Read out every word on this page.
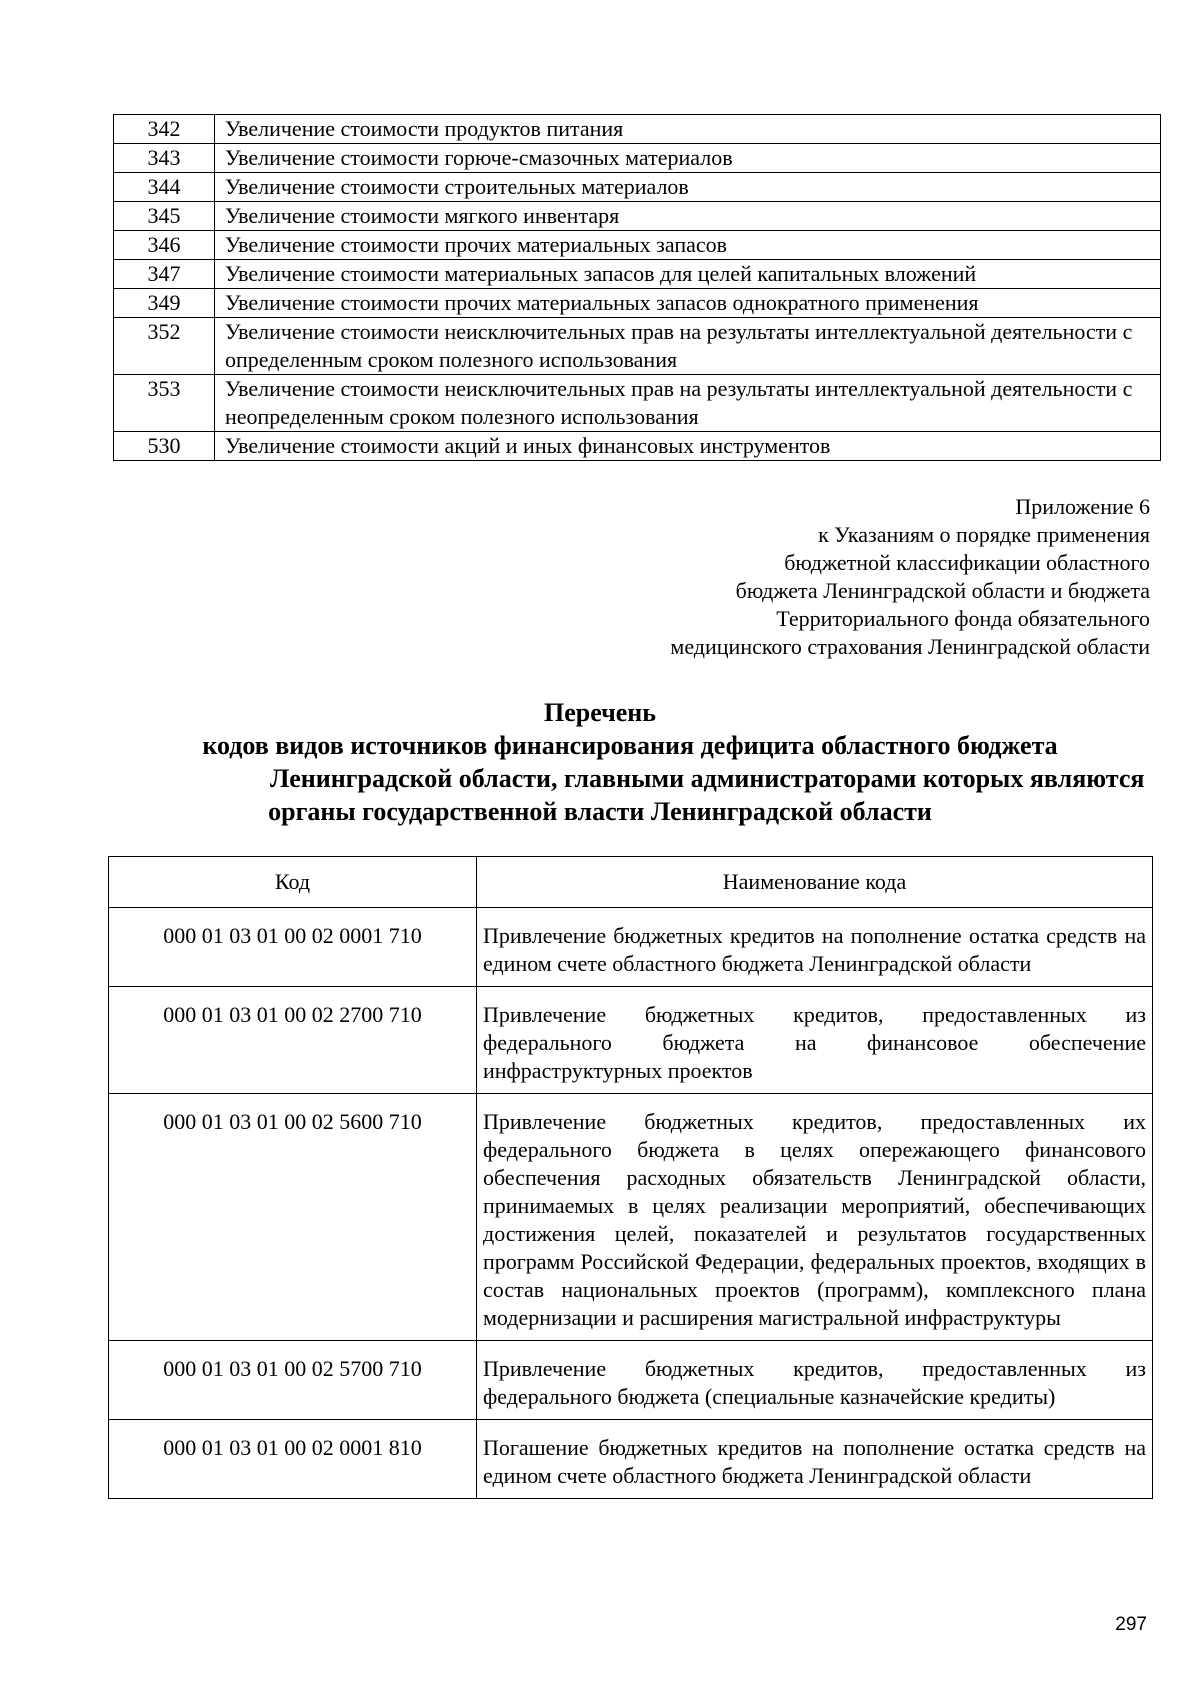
342	Увеличение стоимости продуктов питания
343	Увеличение стоимости горюче-смазочных материалов
344	Увеличение стоимости строительных материалов
345	Увеличение стоимости мягкого инвентаря
346	Увеличение стоимости прочих материальных запасов
347	Увеличение стоимости материальных запасов для целей капитальных вложений
349	Увеличение стоимости прочих материальных запасов однократного применения
352	Увеличение стоимости неисключительных прав на результаты интеллектуальной деятельности с определенным сроком полезного использования
353	Увеличение стоимости неисключительных прав на результаты интеллектуальной деятельности с неопределенным сроком полезного использования
530	Увеличение стоимости акций и иных финансовых инструментов
Приложение 6
к Указаниям о порядке применения
бюджетной классификации областного
бюджета Ленинградской области и бюджета
Территориального фонда обязательного
медицинского страхования Ленинградской области
Перечень
кодов видов источников финансирования дефицита областного бюджета
Ленинградской области, главными администраторами которых являются
органы государственной власти Ленинградской области
Код	Наименование кода
000 01 03 01 00 02 0001 710	Привлечение бюджетных кредитов на пополнение остатка средств на едином счете областного бюджета Ленинградской области
000 01 03 01 00 02 2700 710	Привлечение бюджетных кредитов, предоставленных из федерального бюджета на финансовое обеспечение инфраструктурных проектов
000 01 03 01 00 02 5600 710	Привлечение бюджетных кредитов, предоставленных их федерального бюджета в целях опережающего финансового обеспечения расходных обязательств Ленинградской области, принимаемых в целях реализации мероприятий, обеспечивающих достижения целей, показателей и результатов государственных программ Российской Федерации, федеральных проектов, входящих в состав национальных проектов (программ), комплексного плана модернизации и расширения магистральной инфраструктуры
000 01 03 01 00 02 5700 710	Привлечение бюджетных кредитов, предоставленных из федерального бюджета (специальные казначейские кредиты)
000 01 03 01 00 02 0001 810	Погашение бюджетных кредитов на пополнение остатка средств на едином счете областного бюджета Ленинградской области
297
